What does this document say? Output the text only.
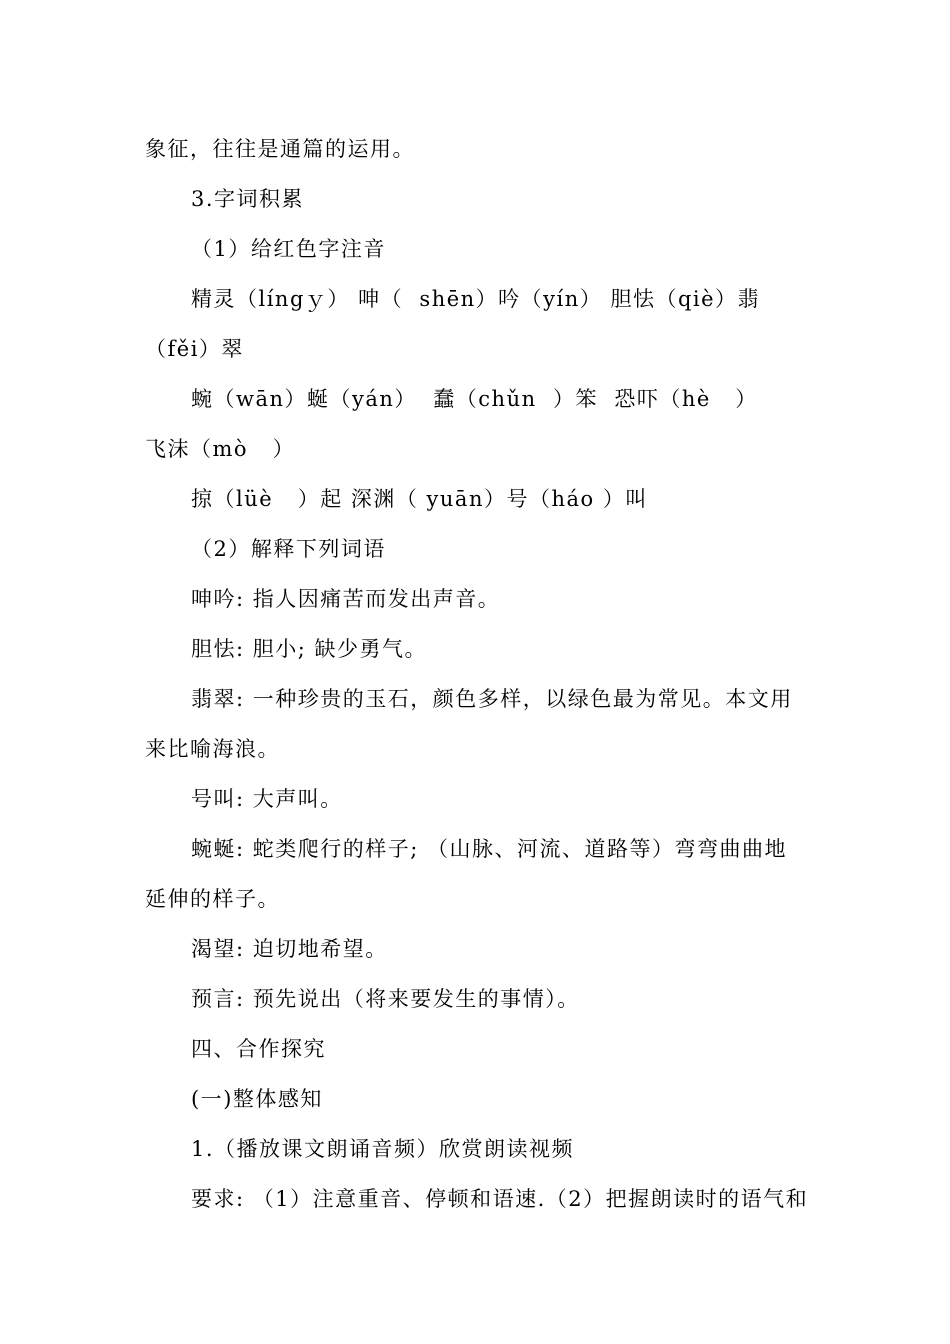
象征，往往是通篇的运用。
3.字词积累
（1）给红色字注音
精灵（língｙ） 呻（  shēn）吟（yín） 胆怯（qiè）翡
（fěi）翠
蜿（wān）蜒（yán）  蠢（chǔn  ）笨  恐吓（hè   ）
飞沫（mò   ）
掠（lüè   ）起 深渊（ yuān）号（háo ）叫
（2）解释下列词语
呻吟: 指人因痛苦而发出声音。
胆怯: 胆小; 缺少勇气。
翡翠: 一种珍贵的玉石，颜色多样，以绿色最为常见。本文用
来比喻海浪。
号叫: 大声叫。
蜿蜒: 蛇类爬行的样子; （山脉、河流、道路等）弯弯曲曲地
延伸的样子。
渴望: 迫切地希望。
预言: 预先说出（将来要发生的事情）。
四、合作探究
(一)整体感知
1.（播放课文朗诵音频）欣赏朗读视频
要求: （1）注意重音、停顿和语速.（2）把握朗读时的语气和
